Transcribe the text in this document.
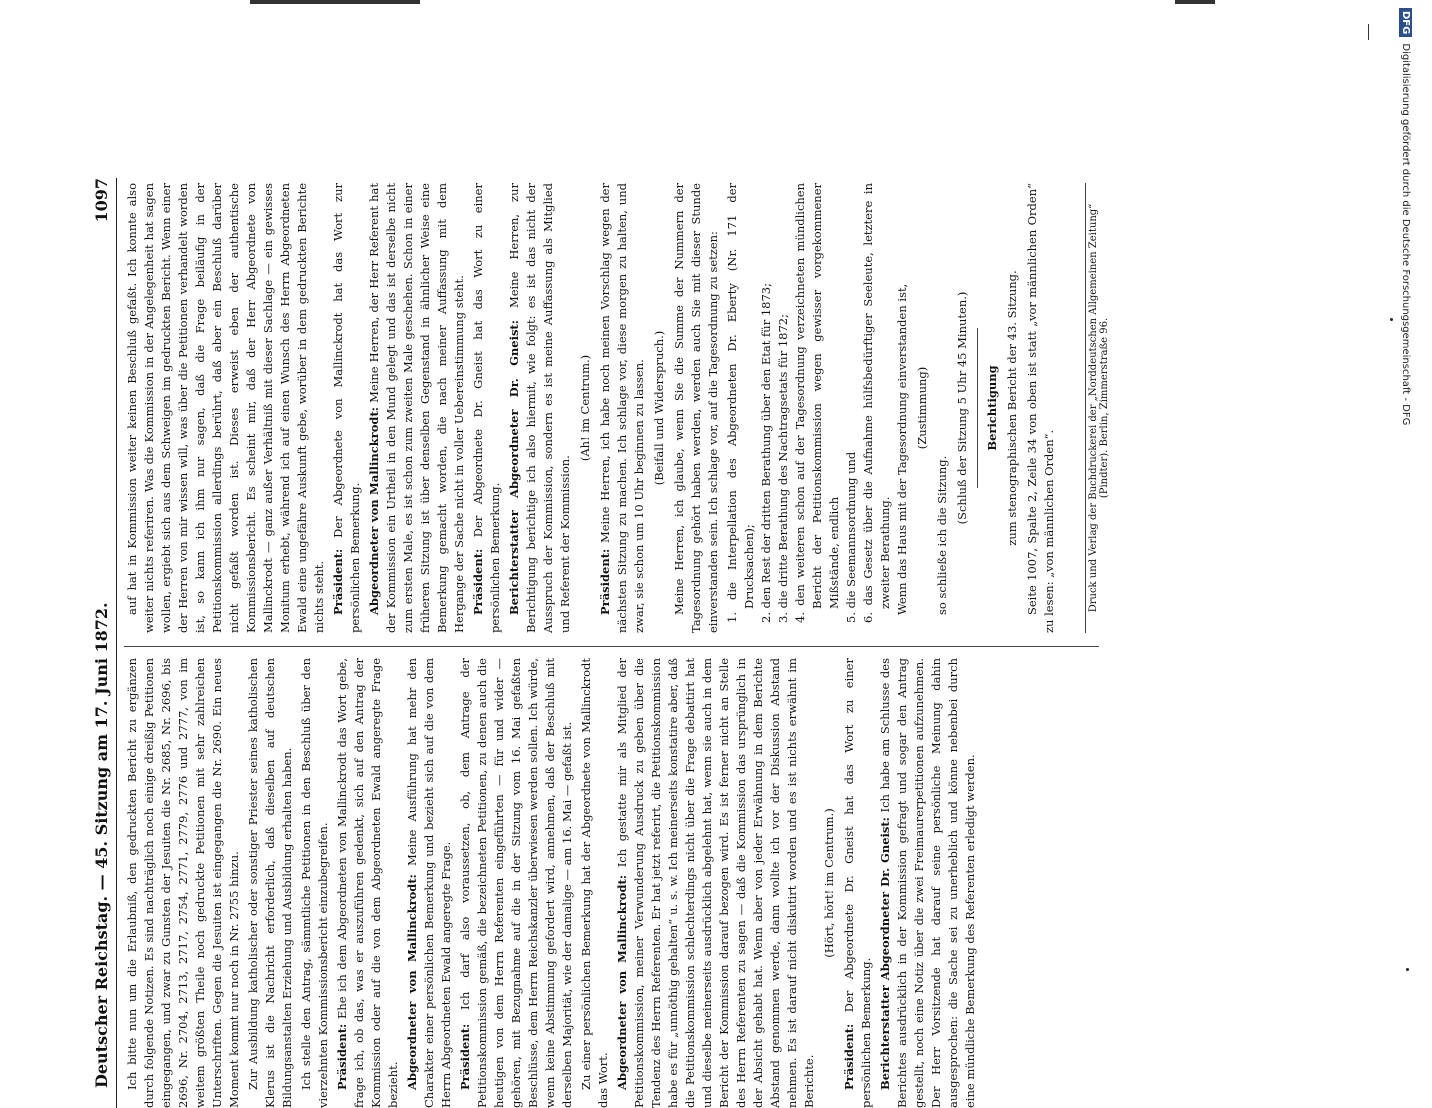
Deutscher Reichstag. — 45. Sitzung am 17. Juni 1872.
1097

Ich bitte nun um die Erlaubniß, den gedruckten Bericht zu ergänzen durch folgende Notizen. Es sind nachträglich noch einige dreißig Petitionen eingegangen, und zwar zu Gunsten der Jesuiten die Nr. 2685, Nr. 2696, bis 2696, Nr. 2704, 2713, 2717, 2754, 2771, 2779, 2776 und 2777, von im weitem größten Theile noch gedruckte Petitionen mit sehr zahlreichen Unterschriften. Gegen die Jesuiten ist eingegangen die Nr. 2690. Ein neues Moment kommt nur noch in Nr. 2755 hinzu. Zur Ausbildung katholischer oder sonstiger Priester seines katholischen Klerus ist die Nachricht erforderlich, daß dieselben auf deutschen Bildungsanstalten Erziehung und Ausbildung erhalten haben. Ich stelle den Antrag, sämmtliche Petitionen in den Beschluß über den vierzehnten Kommissionsbericht einzubegreifen. Präsident: Ehe ich dem Abgeordneten von Mallinckrodt das Wort gebe, frage ich, ob das, was er auszuführen gedenkt, sich auf den Antrag der Kommission oder auf die von dem Abgeordneten Ewald angeregte Frage bezieht. Abgeordneter von Mallinckrodt: Meine Ausführung hat mehr den Charakter einer persönlichen Bemerkung und bezieht sich auf die von dem Herrn Abgeordneten Ewald angeregte Frage. Präsident: Ich darf also voraussetzen, ob, dem Antrage der Petitionskommission gemäß, die bezeichneten Petitionen, zu denen auch die heutigen von dem Herrn Referenten eingeführten — für und wider — gehören, mit Bezugnahme auf die in der Sitzung vom 16. Mai gefaßten Beschlüsse, dem Herrn Reichskanzler überwiesen werden sollen. Ich würde, wenn keine Abstimmung gefordert wird, annehmen, daß der Beschluß mit derselben Majorität, wie der damalige — am 16. Mai — gefaßt ist. Zu einer persönlichen Bemerkung hat der Abgeordnete von Mallinckrodt das Wort. Abgeordneter von Mallinckrodt: Ich gestatte mir als Mitglied der Petitionskommission, meiner Verwunderung Ausdruck zu geben über die Tendenz des Herrn Referenten. Er hat jetzt referirt, die Petitionskommission habe es für „unnöthig gehalten“ u. s. w. Ich meinerseits konstatire aber, daß die Petitionskommission schlechterdings nicht über die Frage debattirt hat und dieselbe meinerseits ausdrücklich abgelehnt hat, wenn sie auch in dem Bericht der Kommission darauf bezogen wird. Es ist ferner nicht an Stelle des Herrn Referenten zu sagen — daß die Kommission das ursprünglich in der Absicht gehabt hat. Wenn aber von jeder Erwähnung in dem Berichte Abstand genommen werde, dann wollte ich vor der Diskussion Abstand nehmen. Es ist darauf nicht diskutirt worden und es ist nichts erwähnt im Berichte.

(Hört, hört! im Centrum.)

Präsident: Der Abgeordnete Dr. Gneist hat das Wort zu einer persönlichen Bemerkung. Berichterstatter Abgeordneter Dr. Gneist: Ich habe am Schlusse des Berichtes ausdrücklich in der Kommission gefragt und sogar den Antrag gestellt, noch eine Notiz über die zwei Freimaurerpetitionen aufzunehmen. Der Herr Vorsitzende hat darauf seine persönliche Meinung dahin ausgesprochen: die Sache sei zu unerheblich und könne nebenbei durch eine mündliche Bemerkung des Referenten erledigt werden.

auf hat in Kommission weiter keinen Beschluß gefaßt. Ich konnte also weiter nichts referiren. Was die Kommission in der Angelegenheit hat sagen wollen, ergiebt sich aus dem Schweigen im gedruckten Bericht. Wenn einer der Herren von mir wissen will, was über die Petitionen verhandelt worden ist, so kann ich ihm nur sagen, daß die Frage beiläufig in der Petitionskommission allerdings berührt, daß aber ein Beschluß darüber nicht gefaßt worden ist. Dieses erweist eben der authentische Kommissionsbericht. Es scheint mir, daß der Herr Abgeordnete von Mallinckrodt — ganz außer Verhältniß mit dieser Sachlage — ein gewisses Monitum erhebt, während ich auf einen Wunsch des Herrn Abgeordneten Ewald eine ungefähre Auskunft gebe, worüber in dem gedruckten Berichte nichts steht. Präsident: Der Abgeordnete von Mallinckrodt hat das Wort zur persönlichen Bemerkung. Abgeordneter von Mallinckrodt: Meine Herren, der Herr Referent hat der Kommission ein Urtheil in den Mund gelegt und das ist derselbe nicht zum ersten Male, es ist schon zum zweiten Male geschehen. Schon in einer früheren Sitzung ist über denselben Gegenstand in ähnlicher Weise eine Bemerkung gemacht worden, die nach meiner Auffassung mit dem Hergange der Sache nicht in voller Uebereinstimmung steht. Präsident: Der Abgeordnete Dr. Gneist hat das Wort zu einer persönlichen Bemerkung. Berichterstatter Abgeordneter Dr. Gneist: Meine Herren, zur Berichtigung berichtige ich also hiermit, wie folgt: es ist das nicht der Ausspruch der Kommission, sondern es ist meine Auffassung als Mitglied und Referent der Kommission.

(Ah! im Centrum.)

Präsident: Meine Herren, ich habe noch meinen Vorschlag wegen der nächsten Sitzung zu machen. Ich schlage vor, diese morgen zu halten, und zwar, sie schon um 10 Uhr beginnen zu lassen. (Beifall und Widerspruch.) Meine Herren, ich glaube, wenn Sie die Summe der Nummern der Tagesordnung gehört haben werden, werden auch Sie mit dieser Stunde einverstanden sein. Ich schlage vor, auf die Tagesordnung zu setzen: 1. die Interpellation des Abgeordneten Dr. Eberty (Nr. 171 der Drucksachen); 2. den Rest der dritten Berathung über den Etat für 1873; 3. die dritte Berathung des Nachtragsetats für 1872; 4. den weiteren schon auf der Tagesordnung verzeichneten mündlichen Bericht der Petitionskommission wegen gewisser vorgekommener Mißstände, endlich 5. die Seemannsordnung und 6. das Gesetz über die Aufnahme hülfsbedürftiger Seeleute, letztere in zweiter Berathung. Wenn das Haus mit der Tagesordnung einverstanden ist, (Zustimmung)

so schließe ich die Sitzung.

(Schluß der Sitzung 5 Uhr 45 Minuten.) Berichtigung zum stenographischen Bericht der 43. Sitzung. Seite 1007, Spalte 2, Zeile 34 von oben ist statt „vor männlichen Orden“ zu lesen: „von männlichen Orden“.	Druck und Verlag der Buchdruckerei der „Norddeutschen Allgemeinen Zeitung“ (Pindter). Berlin, Zimmerstraße 96.
DFGDigitalisierung gefördert durch die Deutsche Forschungsgemeinschaft - DFG
